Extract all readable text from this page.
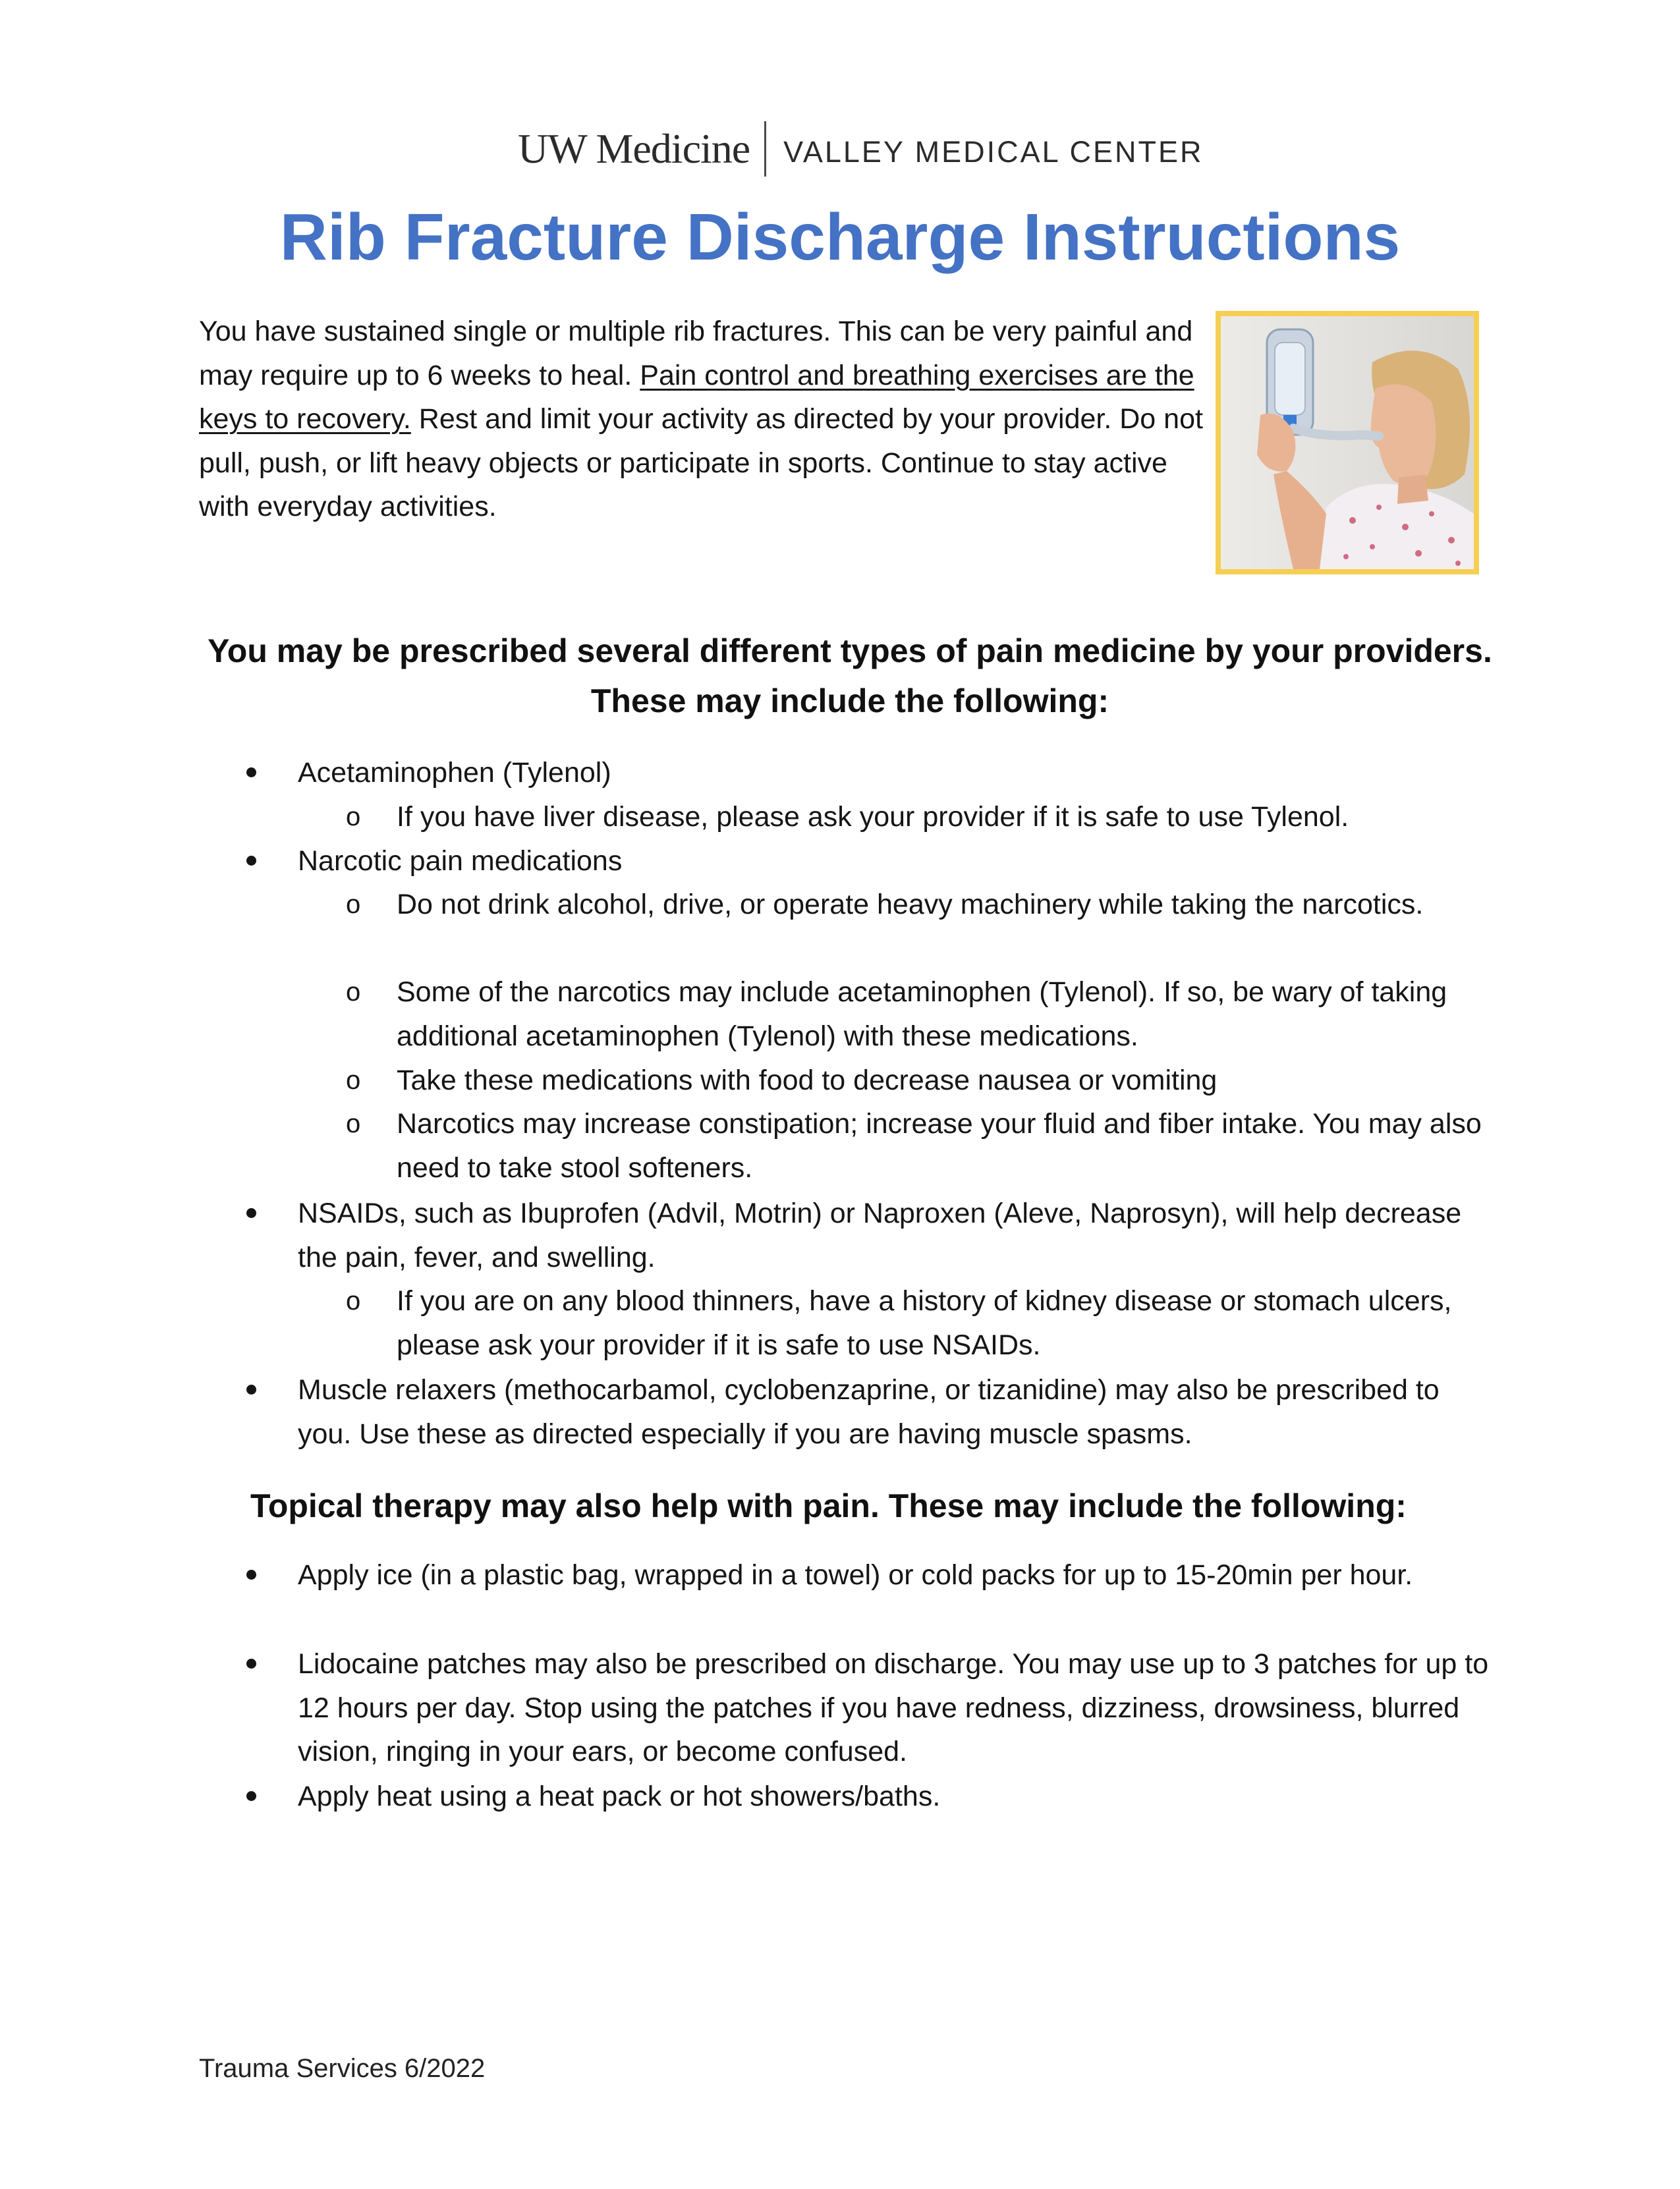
UW Medicine VALLEY MEDICAL CENTER
Rib Fracture Discharge Instructions
You have sustained single or multiple rib fractures. This can be very painful and may require up to 6 weeks to heal. Pain control and breathing exercises are the keys to recovery. Rest and limit your activity as directed by your provider. Do not pull, push, or lift heavy objects or participate in sports. Continue to stay active with everyday activities.
You may be prescribed several different types of pain medicine by your providers. These may include the following:
Acetaminophen (Tylenol)
o If you have liver disease, please ask your provider if it is safe to use Tylenol.
Narcotic pain medications
o Do not drink alcohol, drive, or operate heavy machinery while taking the narcotics.
o Some of the narcotics may include acetaminophen (Tylenol). If so, be wary of taking additional acetaminophen (Tylenol) with these medications.
o Take these medications with food to decrease nausea or vomiting
o Narcotics may increase constipation; increase your fluid and fiber intake. You may also need to take stool softeners.
NSAIDs, such as Ibuprofen (Advil, Motrin) or Naproxen (Aleve, Naprosyn), will help decrease the pain, fever, and swelling.
o If you are on any blood thinners, have a history of kidney disease or stomach ulcers, please ask your provider if it is safe to use NSAIDs.
Muscle relaxers (methocarbamol, cyclobenzaprine, or tizanidine) may also be prescribed to you. Use these as directed especially if you are having muscle spasms.
Topical therapy may also help with pain. These may include the following:
Apply ice (in a plastic bag, wrapped in a towel) or cold packs for up to 15-20min per hour.
Lidocaine patches may also be prescribed on discharge. You may use up to 3 patches for up to 12 hours per day. Stop using the patches if you have redness, dizziness, drowsiness, blurred vision, ringing in your ears, or become confused.
Apply heat using a heat pack or hot showers/baths.
Trauma Services 6/2022
